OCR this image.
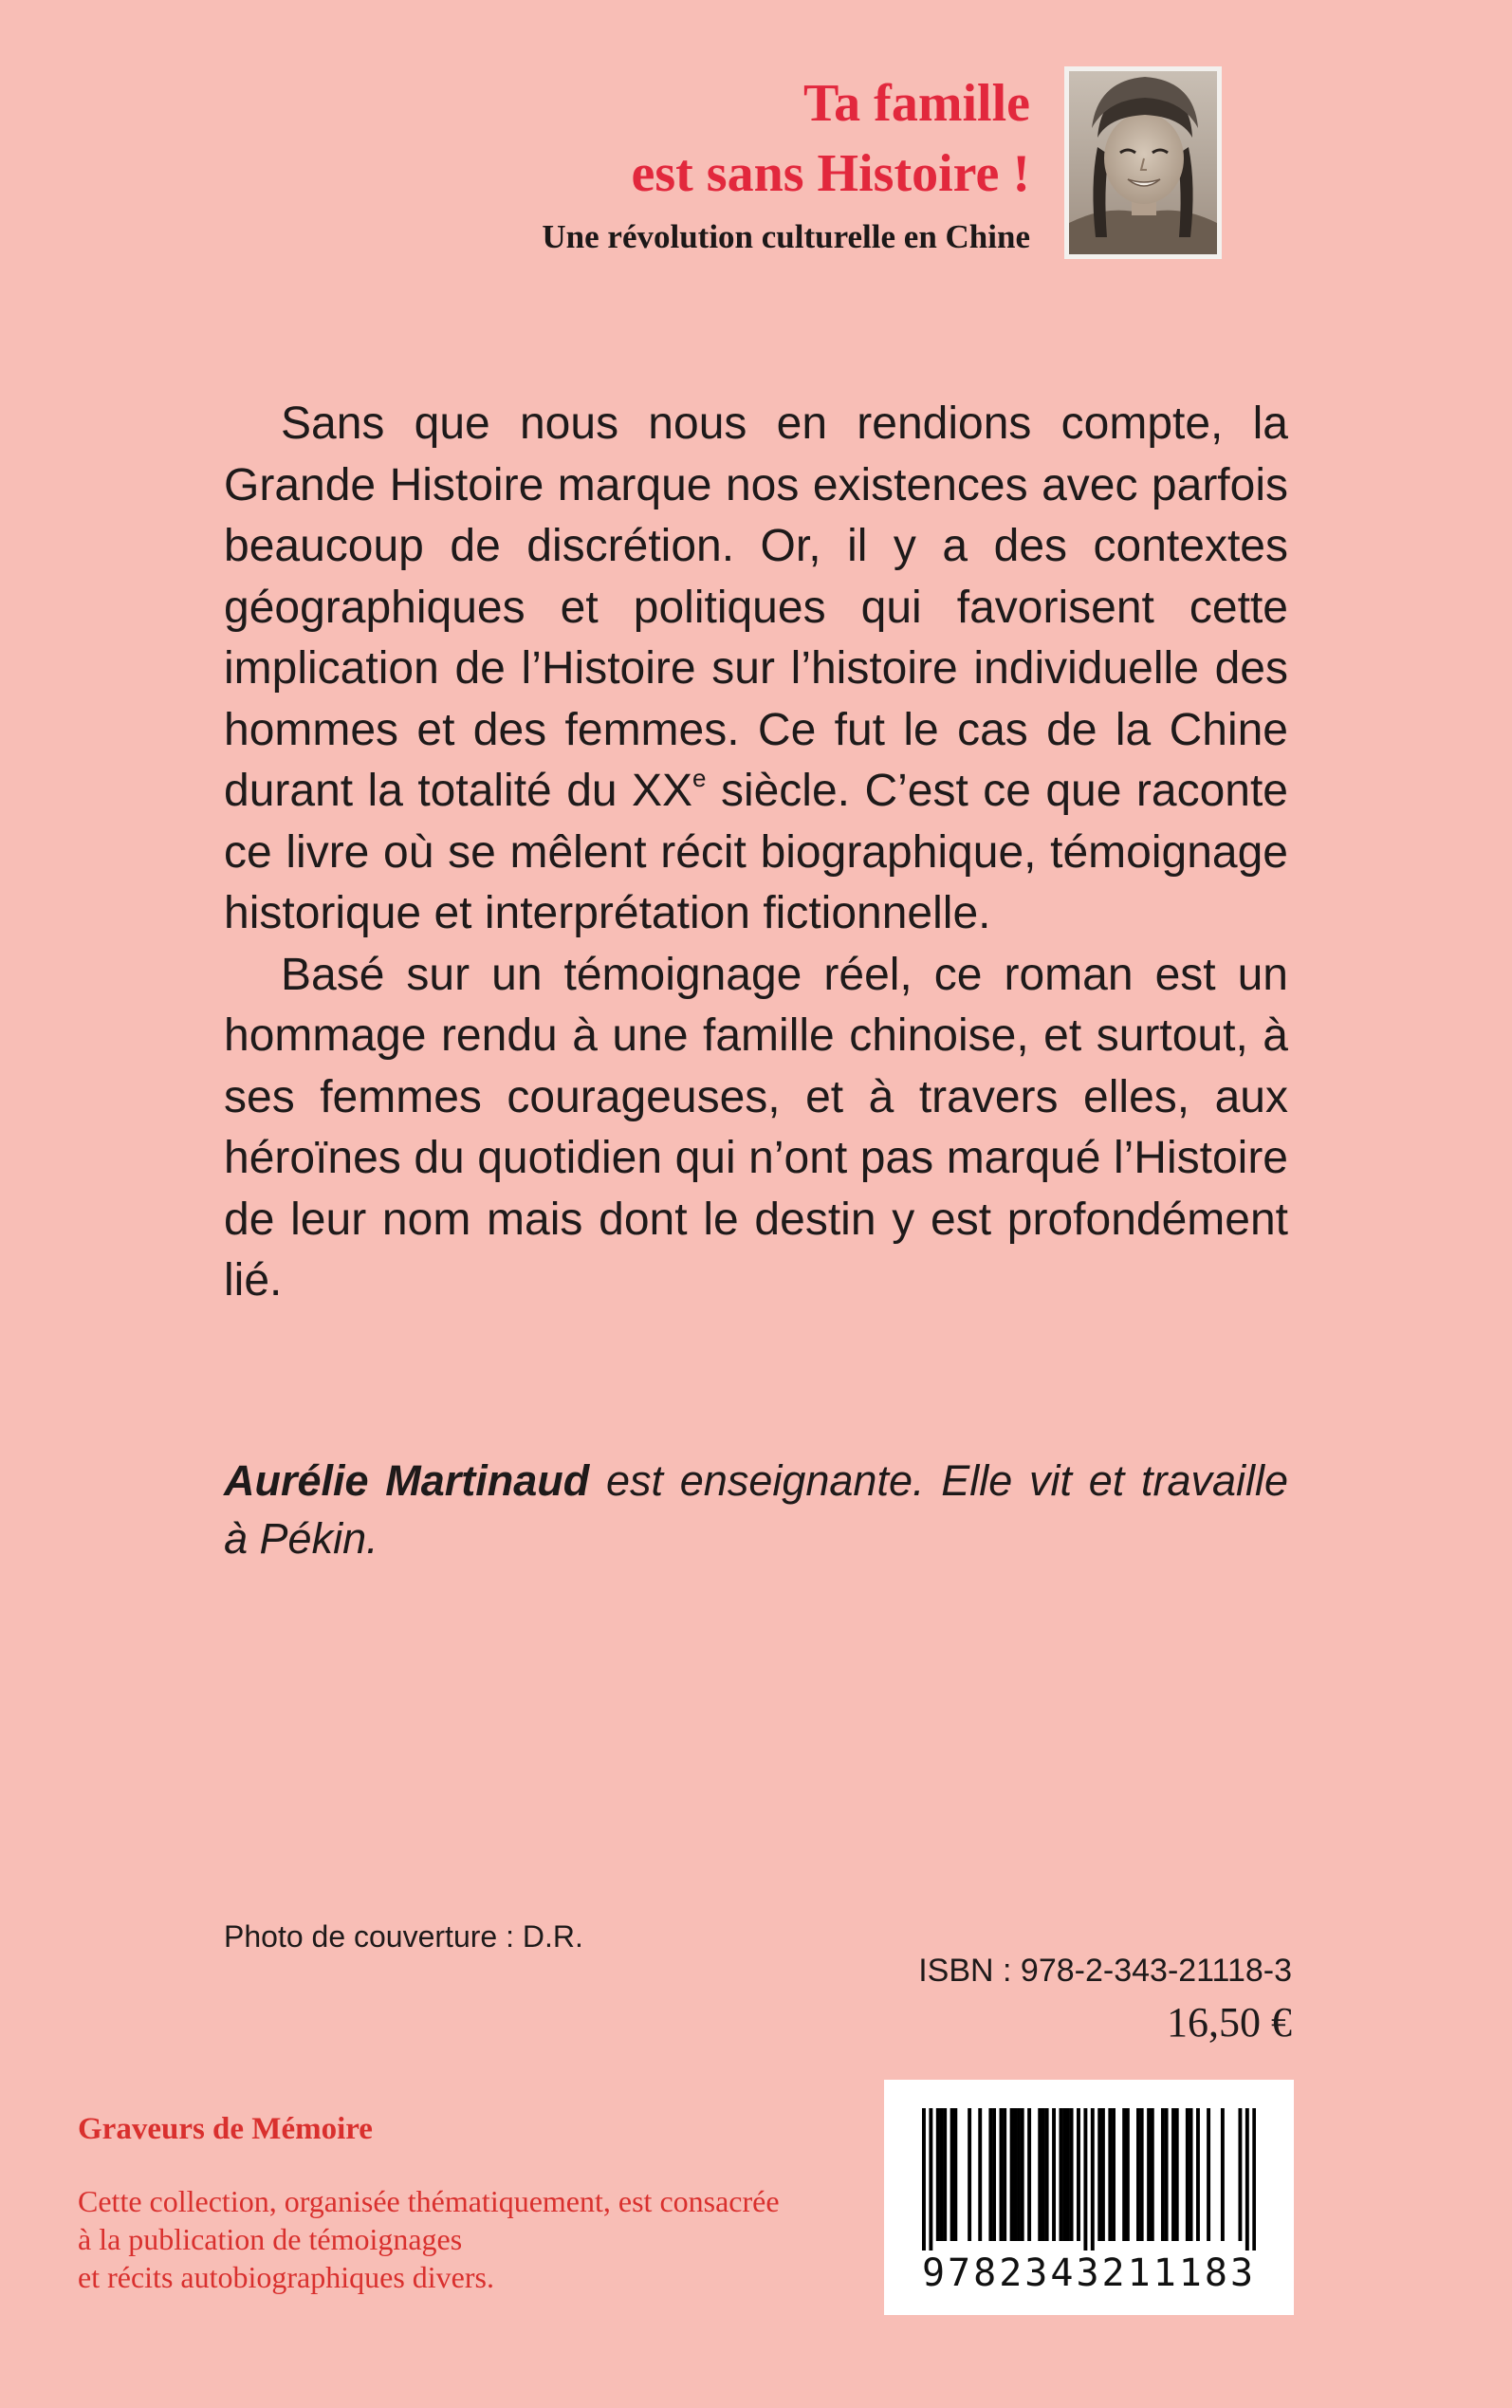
Ta famille
est sans Histoire !
Une révolution culturelle en Chine

Sans que nous nous en rendions compte, la Grande Histoire marque nos existences avec parfois beaucoup de discrétion. Or, il y a des contextes géographiques et politiques qui favorisent cette implication de l’Histoire sur l’histoire individuelle des hommes et des femmes. Ce fut le cas de la Chine durant la totalité du XXe siècle. C’est ce que raconte ce livre où se mêlent récit biographique, témoignage historique et interprétation fictionnelle.

Basé sur un témoignage réel, ce roman est un hommage rendu à une famille chinoise, et surtout, à ses femmes courageuses, et à travers elles, aux héroïnes du quotidien qui n’ont pas marqué l’Histoire de leur nom mais dont le destin y est profondément lié.

Aurélie Martinaud est enseignante. Elle vit et travaille à Pékin.
Photo de couverture : D.R.
ISBN : 978-2-343-21118-3
16,50 €
Graveurs de Mémoire
Cette collection, organisée thématiquement, est consacrée
à la publication de témoignages
et récits autobiographiques divers.	9782343211183
